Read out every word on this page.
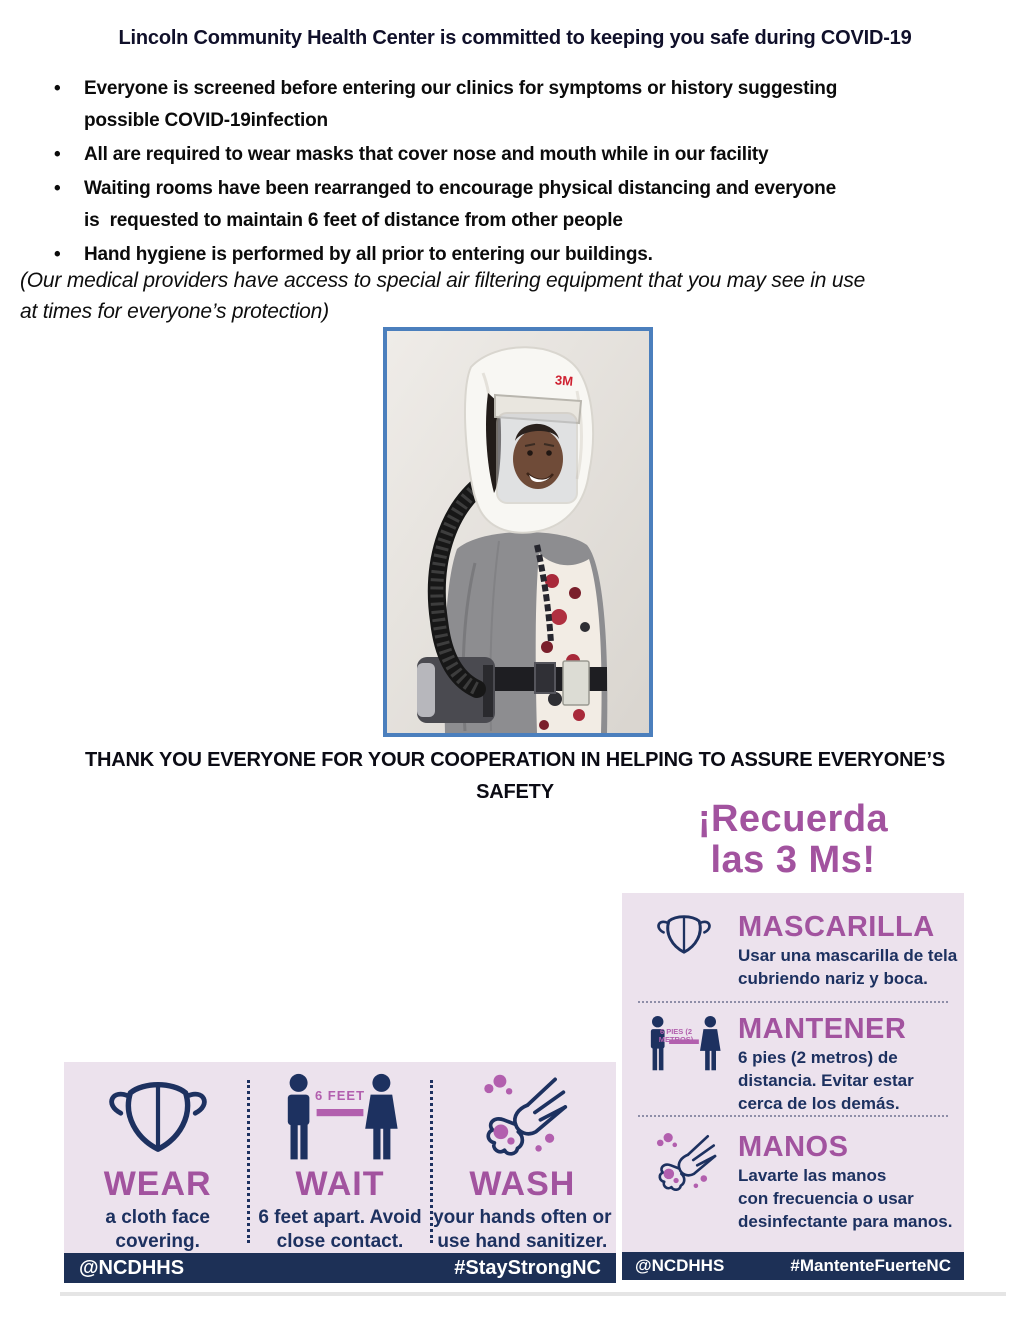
Lincoln Community Health Center is committed to keeping you safe during COVID-19
•	Everyone is screened before entering our clinics for symptoms or history suggesting
possible COVID-19infection
•	All are required to wear masks that cover nose and mouth while in our facility
•	Waiting rooms have been rearranged to encourage physical distancing and everyone
is  requested to maintain 6 feet of distance from other people
•	Hand hygiene is performed by all prior to entering our buildings.
(Our medical providers have access to special air filtering equipment that you may see in use
at times for everyone’s protection)
3M
THANK YOU EVERYONE FOR YOUR COOPERATION IN HELPING TO ASSURE EVERYONE’S
SAFETY
¡Recuerda
las 3 Ms!
MASCARILLA
Usar una mascarilla de tela
cubriendo nariz y boca.
6 PIES (2 METROS) MANTENER
6 pies (2 metros) de
distancia. Evitar estar
cerca de los demás.
MANOS
Lavarte las manos
con frecuencia o usar
desinfectante para manos.
@NCDHHS	#MantenteFuerteNC
WEAR
a cloth face
covering.
6 FEET
WAIT
6 feet apart. Avoid
close contact.
WASH
your hands often or
use hand sanitizer.
@NCDHHS	#StayStrongNC
